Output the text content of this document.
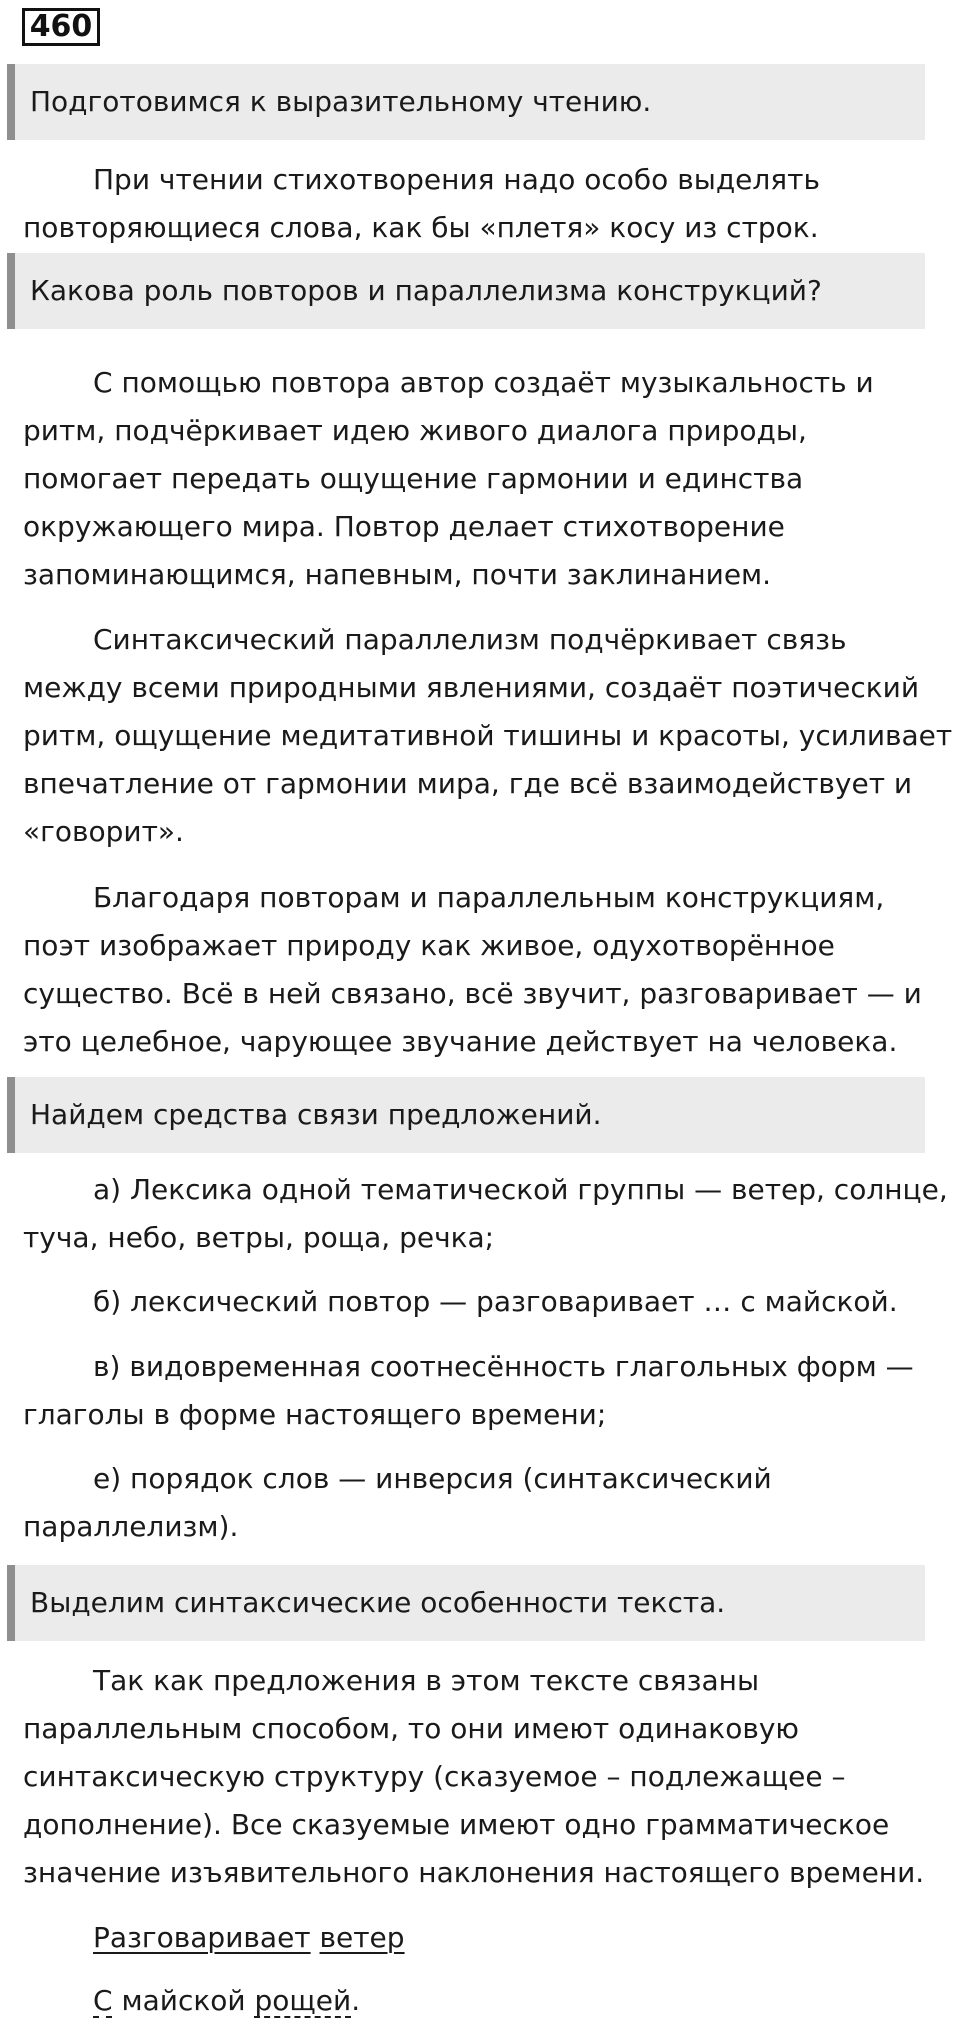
460
Подготовимся к выразительному чтению.

При чтении стихотворения надо особо выделять повторяющиеся слова, как бы «плетя» косу из строк.

Какова роль повторов и параллелизма конструкций?

С помощью повтора автор создаёт музыкальность и ритм, подчёркивает идею живого диалога природы, помогает передать ощущение гармонии и единства окружающего мира. Повтор делает стихотворение запоминающимся, напевным, почти заклинанием.

Синтаксический параллелизм подчёркивает связь между всеми природными явлениями, создаёт поэтический ритм, ощущение медитативной тишины и красоты, усиливает впечатление от гармонии мира, где всё взаимодействует и «говорит».

Благодаря повторам и параллельным конструкциям, поэт изображает природу как живое, одухотворённое существо. Всё в ней связано, всё звучит, разговаривает — и это целебное, чарующее звучание действует на человека.

Найдем средства связи предложений.

а) Лексика одной тематической группы — ветер, солнце, туча, небо, ветры, роща, речка;

б) лексический повтор — разговаривает … с майской.

в) видовременная соотнесённость глагольных форм — глаголы в форме настоящего времени;

е) порядок слов — инверсия (синтаксический параллелизм).

Выделим синтаксические особенности текста.

Так как предложения в этом тексте связаны параллельным способом, то они имеют одинаковую синтаксическую структуру (сказуемое – подлежащее – дополнение). Все сказуемые имеют одно грамматическое значение изъявительного наклонения настоящего времени.

Разговаривает ветер
С майской рощей.
